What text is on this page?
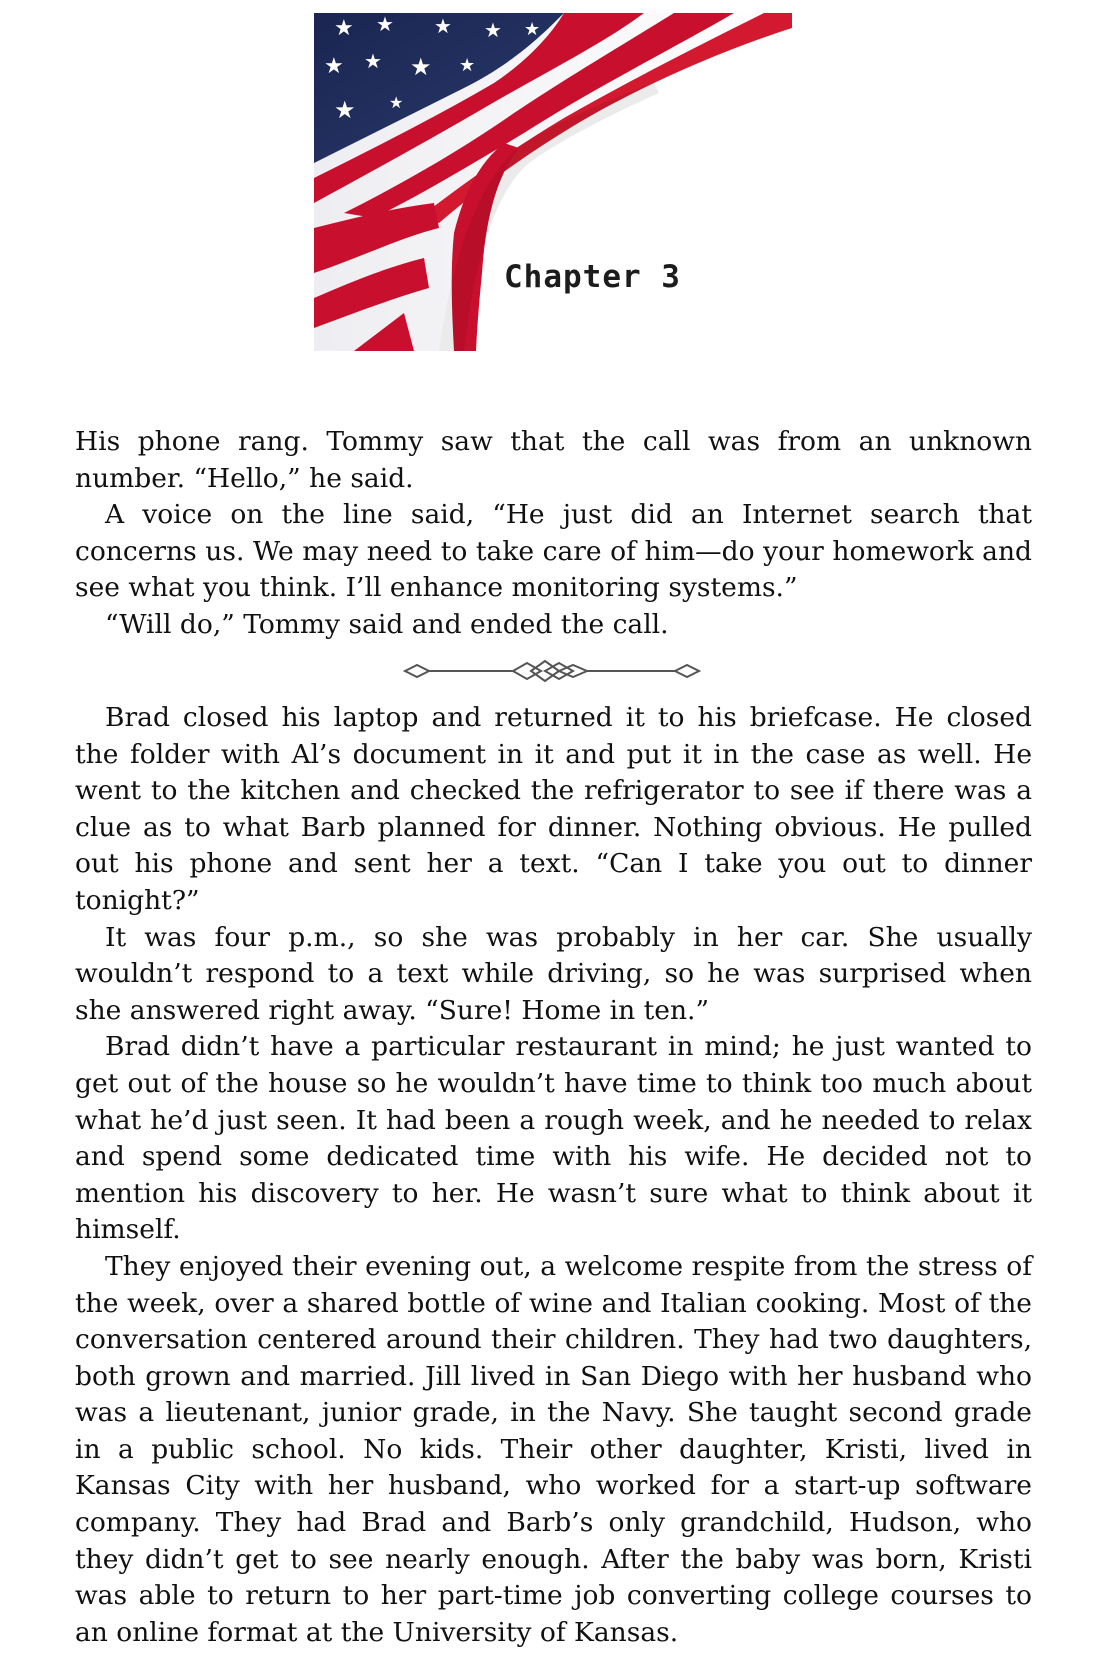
★ ★ ★ ★ ★
★ ★ ★ ★
★ ★
Chapter 3

His phone rang. Tommy saw that the call was from an unknown number. “Hello,” he said.

A voice on the line said, “He just did an Internet search that concerns us. We may need to take care of him—do your homework and see what you think. I’ll enhance monitoring systems.”

“Will do,” Tommy said and ended the call.

Brad closed his laptop and returned it to his briefcase. He closed the folder with Al’s document in it and put it in the case as well. He went to the kitchen and checked the refrigerator to see if there was a clue as to what Barb planned for dinner. Nothing obvious. He pulled out his phone and sent her a text. “Can I take you out to dinner tonight?”

It was four p.m., so she was probably in her car. She usually wouldn’t respond to a text while driving, so he was surprised when she answered right away. “Sure! Home in ten.”

Brad didn’t have a particular restaurant in mind; he just wanted to get out of the house so he wouldn’t have time to think too much about what he’d just seen. It had been a rough week, and he needed to relax and spend some dedicated time with his wife. He decided not to mention his discovery to her. He wasn’t sure what to think about it himself.

They enjoyed their evening out, a welcome respite from the stress of the week, over a shared bottle of wine and Italian cooking. Most of the conversation centered around their children. They had two daughters, both grown and married. Jill lived in San Diego with her husband who was a lieutenant, junior grade, in the Navy. She taught second grade in a public school. No kids. Their other daughter, Kristi, lived in Kansas City with her husband, who worked for a start-up software company. They had Brad and Barb’s only grandchild, Hudson, who they didn’t get to see nearly enough. After the baby was born, Kristi was able to return to her part-time job converting college courses to an online format at the University of Kansas.
